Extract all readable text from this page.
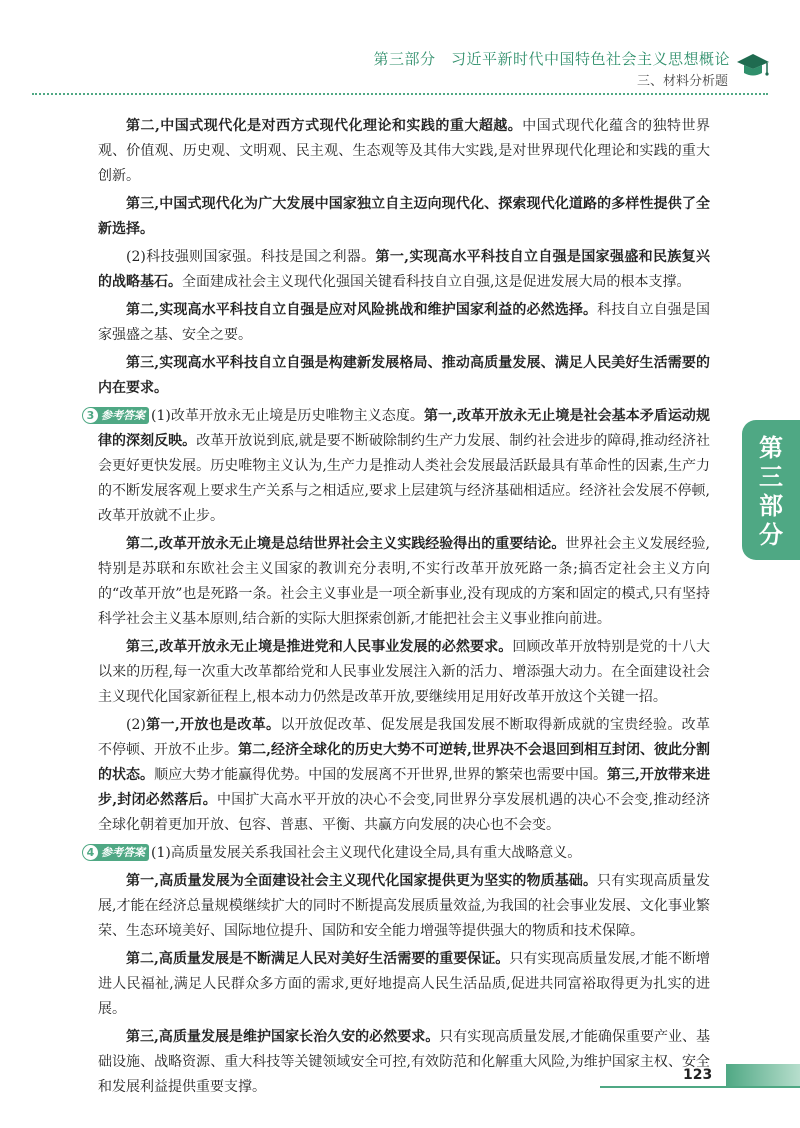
第三部分　习近平新时代中国特色社会主义思想概论
三、材料分析题

第二,中国式现代化是对西方式现代化理论和实践的重大超越。中国式现代化蕴含的独特世界观、价值观、历史观、文明观、民主观、生态观等及其伟大实践,是对世界现代化理论和实践的重大创新。

第三,中国式现代化为广大发展中国家独立自主迈向现代化、探索现代化道路的多样性提供了全新选择。

(2)科技强则国家强。科技是国之利器。第一,实现高水平科技自立自强是国家强盛和民族复兴的战略基石。全面建成社会主义现代化强国关键看科技自立自强,这是促进发展大局的根本支撑。

第二,实现高水平科技自立自强是应对风险挑战和维护国家利益的必然选择。科技自立自强是国家强盛之基、安全之要。

第三,实现高水平科技自立自强是构建新发展格局、推动高质量发展、满足人民美好生活需要的内在要求。

3 参考答案 (1)改革开放永无止境是历史唯物主义态度。第一,改革开放永无止境是社会基本矛盾运动规律的深刻反映。改革开放说到底,就是要不断破除制约生产力发展、制约社会进步的障碍,推动经济社会更好更快发展。历史唯物主义认为,生产力是推动人类社会发展最活跃最具有革命性的因素,生产力的不断发展客观上要求生产关系与之相适应,要求上层建筑与经济基础相适应。经济社会发展不停顿,改革开放就不止步。

第二,改革开放永无止境是总结世界社会主义实践经验得出的重要结论。世界社会主义发展经验,特别是苏联和东欧社会主义国家的教训充分表明,不实行改革开放死路一条;搞否定社会主义方向的“改革开放”也是死路一条。社会主义事业是一项全新事业,没有现成的方案和固定的模式,只有坚持科学社会主义基本原则,结合新的实际大胆探索创新,才能把社会主义事业推向前进。

第三,改革开放永无止境是推进党和人民事业发展的必然要求。回顾改革开放特别是党的十八大以来的历程,每一次重大改革都给党和人民事业发展注入新的活力、增添强大动力。在全面建设社会主义现代化国家新征程上,根本动力仍然是改革开放,要继续用足用好改革开放这个关键一招。

(2)第一,开放也是改革。以开放促改革、促发展是我国发展不断取得新成就的宝贵经验。改革不停顿、开放不止步。第二,经济全球化的历史大势不可逆转,世界决不会退回到相互封闭、彼此分割的状态。顺应大势才能赢得优势。中国的发展离不开世界,世界的繁荣也需要中国。第三,开放带来进步,封闭必然落后。中国扩大高水平开放的决心不会变,同世界分享发展机遇的决心不会变,推动经济全球化朝着更加开放、包容、普惠、平衡、共赢方向发展的决心也不会变。

4 参考答案 (1)高质量发展关系我国社会主义现代化建设全局,具有重大战略意义。

第一,高质量发展为全面建设社会主义现代化国家提供更为坚实的物质基础。只有实现高质量发展,才能在经济总量规模继续扩大的同时不断提高发展质量效益,为我国的社会事业发展、文化事业繁荣、生态环境美好、国际地位提升、国防和安全能力增强等提供强大的物质和技术保障。

第二,高质量发展是不断满足人民对美好生活需要的重要保证。只有实现高质量发展,才能不断增进人民福祉,满足人民群众多方面的需求,更好地提高人民生活品质,促进共同富裕取得更为扎实的进展。

第三,高质量发展是维护国家长治久安的必然要求。只有实现高质量发展,才能确保重要产业、基础设施、战略资源、重大科技等关键领域安全可控,有效防范和化解重大风险,为维护国家主权、安全和发展利益提供重要支撑。

第三部分
123
